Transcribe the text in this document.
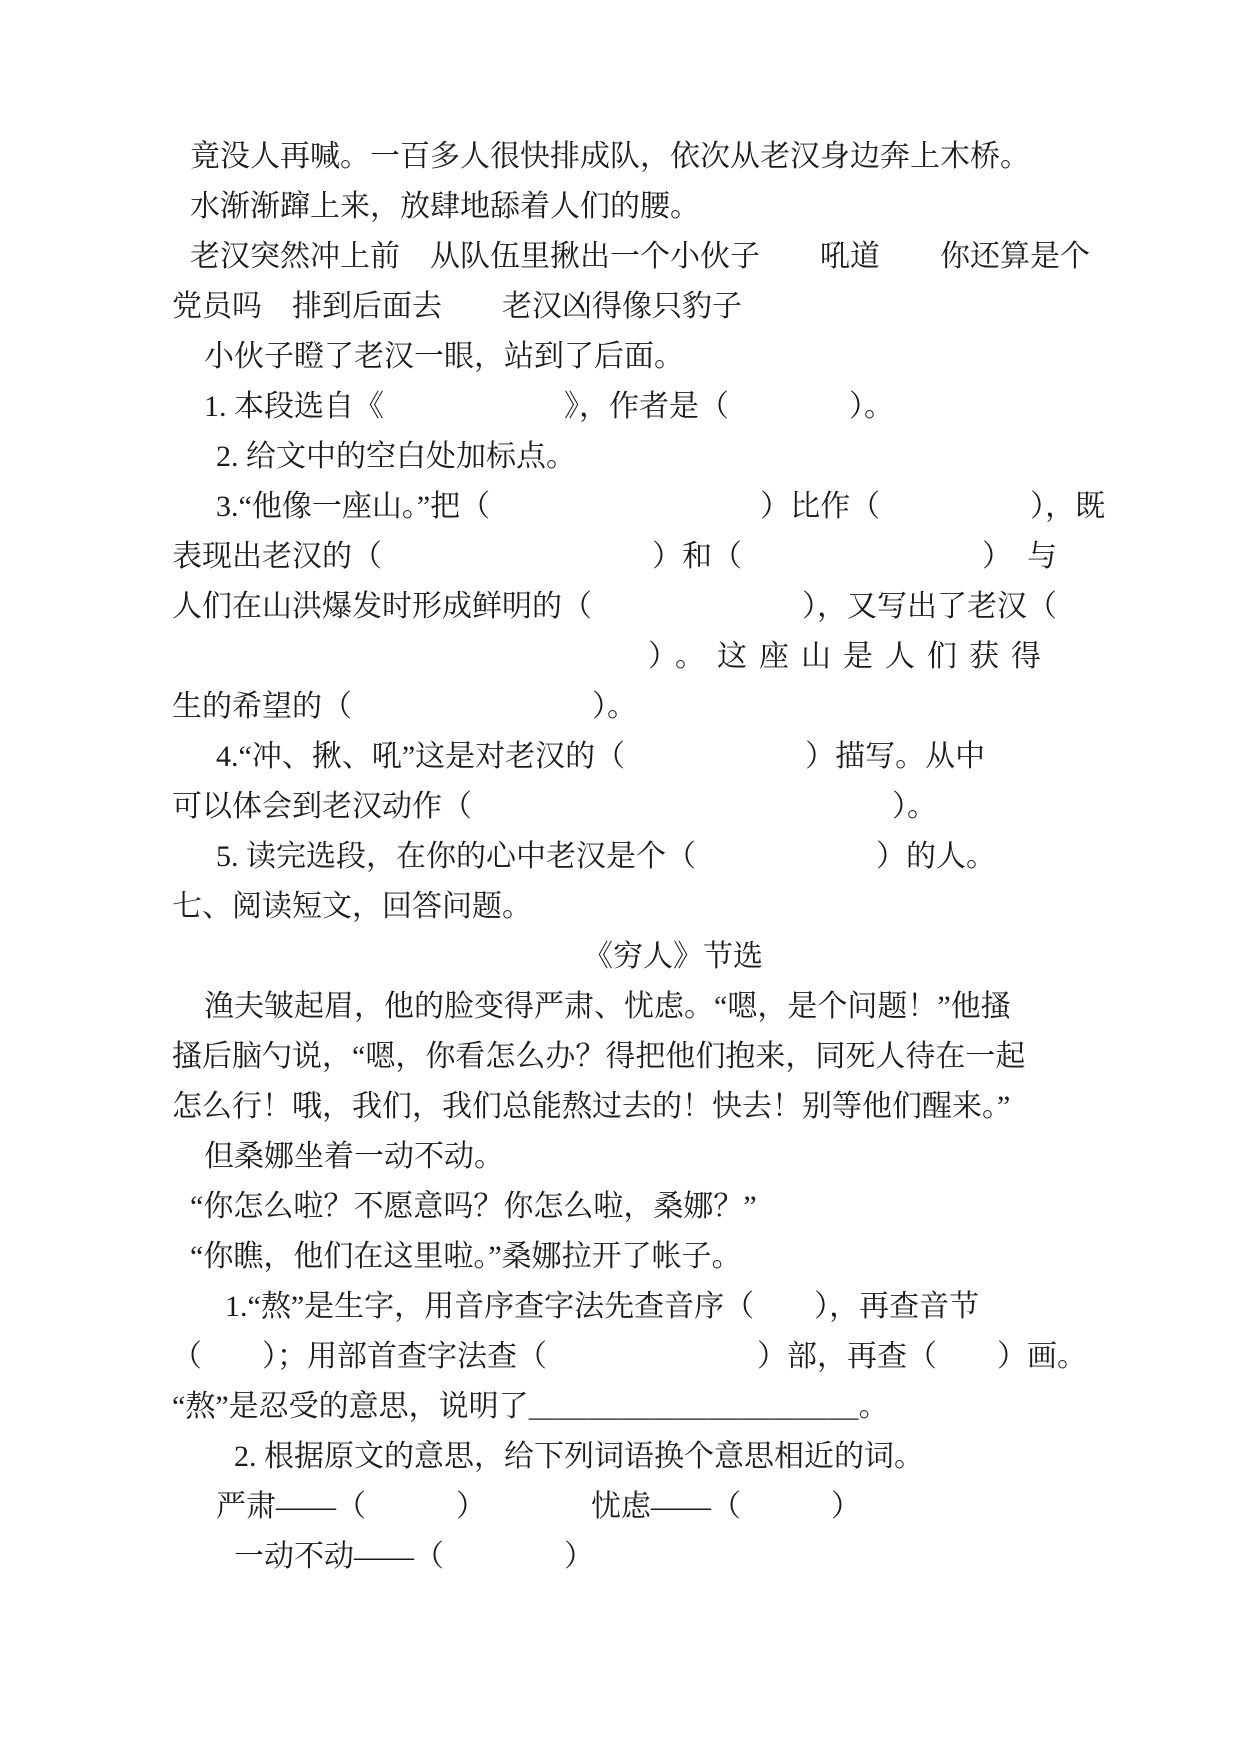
竟没人再喊。一百多人很快排成队，依次从老汉身边奔上木桥。

水渐渐蹿上来，放肆地舔着人们的腰。

老汉突然冲上前　从队伍里揪出一个小伙子　　吼道　　你还算是个

党员吗　排到后面去　　老汉凶得像只豹子

小伙子瞪了老汉一眼，站到了后面。

1. 本段选自《　　　　　　》，作者是（　　　　）。

2. 给文中的空白处加标点。

3.“他像一座山。”把（　　　　　　　　　）比作（　　　　　），既

表现出老汉的（　　　　　　　　　）和（　　　　　　　　）　与

人们在山洪爆发时形成鲜明的（　　　　　　　），又写出了老汉（

）。这座山是人们获得

生的希望的（　　　　　　　　）。

4.“冲、揪、吼”这是对老汉的（　　　　　　）描写。从中

可以体会到老汉动作（　　　　　　　　　　　　　　）。

5. 读完选段，在你的心中老汉是个（　　　　　　）的人。

七、阅读短文，回答问题。

《穷人》节选

渔夫皱起眉，他的脸变得严肃、忧虑。“嗯，是个问题！”他搔

搔后脑勺说，“嗯，你看怎么办？得把他们抱来，同死人待在一起

怎么行！哦，我们，我们总能熬过去的！快去！别等他们醒来。”

但桑娜坐着一动不动。

“你怎么啦？不愿意吗？你怎么啦，桑娜？”

“你瞧，他们在这里啦。”桑娜拉开了帐子。

1.“熬”是生字，用音序查字法先查音序（　　），再查音节

（　　）；用部首查字法查（　　　　　　　）部，再查（　　）画。

“熬”是忍受的意思，说明了＿＿＿＿＿＿＿＿＿＿＿。

2. 根据原文的意思，给下列词语换个意思相近的词。

严肃——（　　　）　　　　忧虑——（　　　）

一动不动——（　　　　）
